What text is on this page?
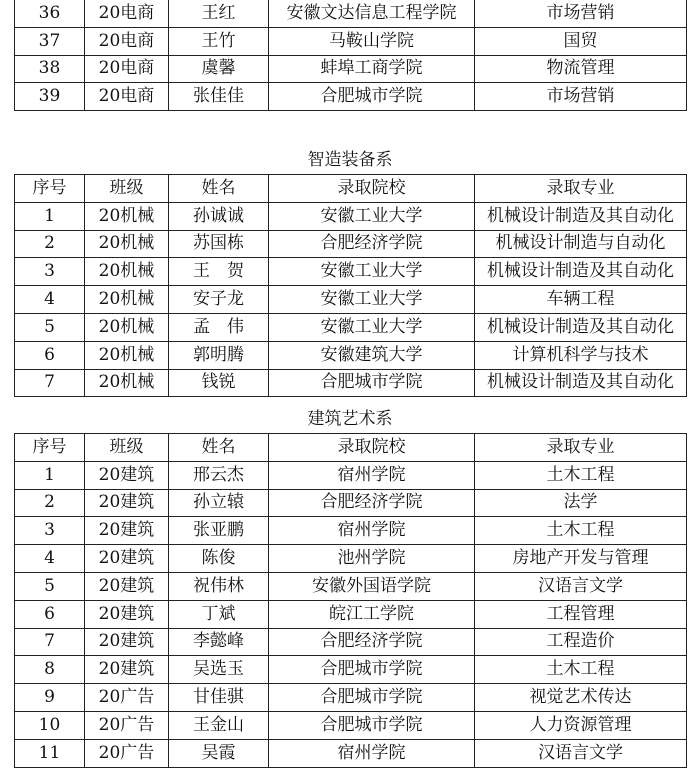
36	20电商	王红	安徽文达信息工程学院	市场营销
37	20电商	王竹	马鞍山学院	国贸
38	20电商	虞馨	蚌埠工商学院	物流管理
39	20电商	张佳佳	合肥城市学院	市场营销
智造装备系
序号	班级	姓名	录取院校	录取专业
1	20机械	孙诚诚	安徽工业大学	机械设计制造及其自动化
2	20机械	苏国栋	合肥经济学院	机械设计制造与自动化
3	20机械	王　贺	安徽工业大学	机械设计制造及其自动化
4	20机械	安子龙	安徽工业大学	车辆工程
5	20机械	孟　伟	安徽工业大学	机械设计制造及其自动化
6	20机械	郭明腾	安徽建筑大学	计算机科学与技术
7	20机械	钱锐	合肥城市学院	机械设计制造及其自动化
建筑艺术系
序号	班级	姓名	录取院校	录取专业
1	20建筑	邢云杰	宿州学院	土木工程
2	20建筑	孙立辕	合肥经济学院	法学
3	20建筑	张亚鹏	宿州学院	土木工程
4	20建筑	陈俊	池州学院	房地产开发与管理
5	20建筑	祝伟林	安徽外国语学院	汉语言文学
6	20建筑	丁斌	皖江工学院	工程管理
7	20建筑	李懿峰	合肥经济学院	工程造价
8	20建筑	吴选玉	合肥城市学院	土木工程
9	20广告	甘佳骐	合肥城市学院	视觉艺术传达
10	20广告	王金山	合肥城市学院	人力资源管理
11	20广告	吴霞	宿州学院	汉语言文学
